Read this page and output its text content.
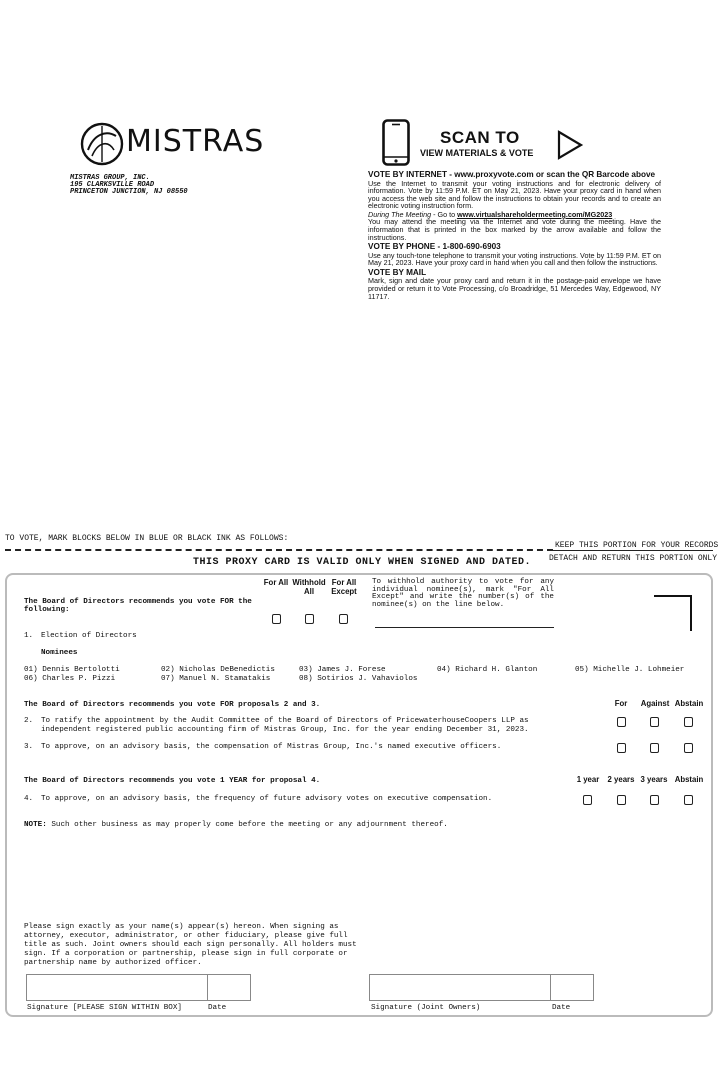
MISTRAS
MISTRAS GROUP, INC.
195 CLARKSVILLE ROAD
PRINCETON JUNCTION, NJ 08550
SCAN TO
VIEW MATERIALS & VOTE
VOTE BY INTERNET - www.proxyvote.com or scan the QR Barcode above

Use the Internet to transmit your voting instructions and for electronic delivery of information. Vote by 11:59 P.M. ET on May 21, 2023. Have your proxy card in hand when you access the web site and follow the instructions to obtain your records and to create an electronic voting instruction form.

During The Meeting - Go to www.virtualshareholdermeeting.com/MG2023

You may attend the meeting via the Internet and vote during the meeting. Have the information that is printed in the box marked by the arrow available and follow the instructions.

VOTE BY PHONE - 1-800-690-6903

Use any touch-tone telephone to transmit your voting instructions. Vote by 11:59 P.M. ET on May 21, 2023. Have your proxy card in hand when you call and then follow the instructions.

VOTE BY MAIL

Mark, sign and date your proxy card and return it in the postage-paid envelope we have provided or return it to Vote Processing, c/o Broadridge, 51 Mercedes Way, Edgewood, NY 11717.

TO VOTE, MARK BLOCKS BELOW IN BLUE OR BLACK INK AS FOLLOWS:
KEEP THIS PORTION FOR YOUR RECORDS
DETACH AND RETURN THIS PORTION ONLY
THIS PROXY CARD IS VALID ONLY WHEN SIGNED AND DATED.
The Board of Directors recommends you vote FOR the following:
For All Withhold All
For All Except
To withhold authority to vote for any individual nominee(s), mark "For All Except" and write the number(s) of the nominee(s) on the line below.
1. Election of Directors
Nominees
01) Dennis Bertolotti	02) Nicholas DeBenedictis	03) James J. Forese	04) Richard H. Glanton	05) Michelle J. Lohmeier
06) Charles P. Pizzi	07) Manuel N. Stamatakis	08) Sotirios J. Vahaviolos
The Board of Directors recommends you vote FOR proposals 2 and 3.	For	Against Abstain
2. To ratify the appointment by the Audit Committee of the Board of Directors of PricewaterhouseCoopers LLP as
independent registered public accounting firm of Mistras Group, Inc. for the year ending December 31, 2023.
3. To approve, on an advisory basis, the compensation of Mistras Group, Inc.'s named executive officers.
The Board of Directors recommends you vote 1 YEAR for proposal 4.	1 year	2 years 3 years Abstain
4. To approve, on an advisory basis, the frequency of future advisory votes on executive compensation.
NOTE: Such other business as may properly come before the meeting or any adjournment thereof.
Please sign exactly as your name(s) appear(s) hereon. When signing as
attorney, executor, administrator, or other fiduciary, please give full
title as such. Joint owners should each sign personally. All holders must
sign. If a corporation or partnership, please sign in full corporate or
partnership name by authorized officer.
Signature [PLEASE SIGN WITHIN BOX]	Date	Signature (Joint Owners)	Date
